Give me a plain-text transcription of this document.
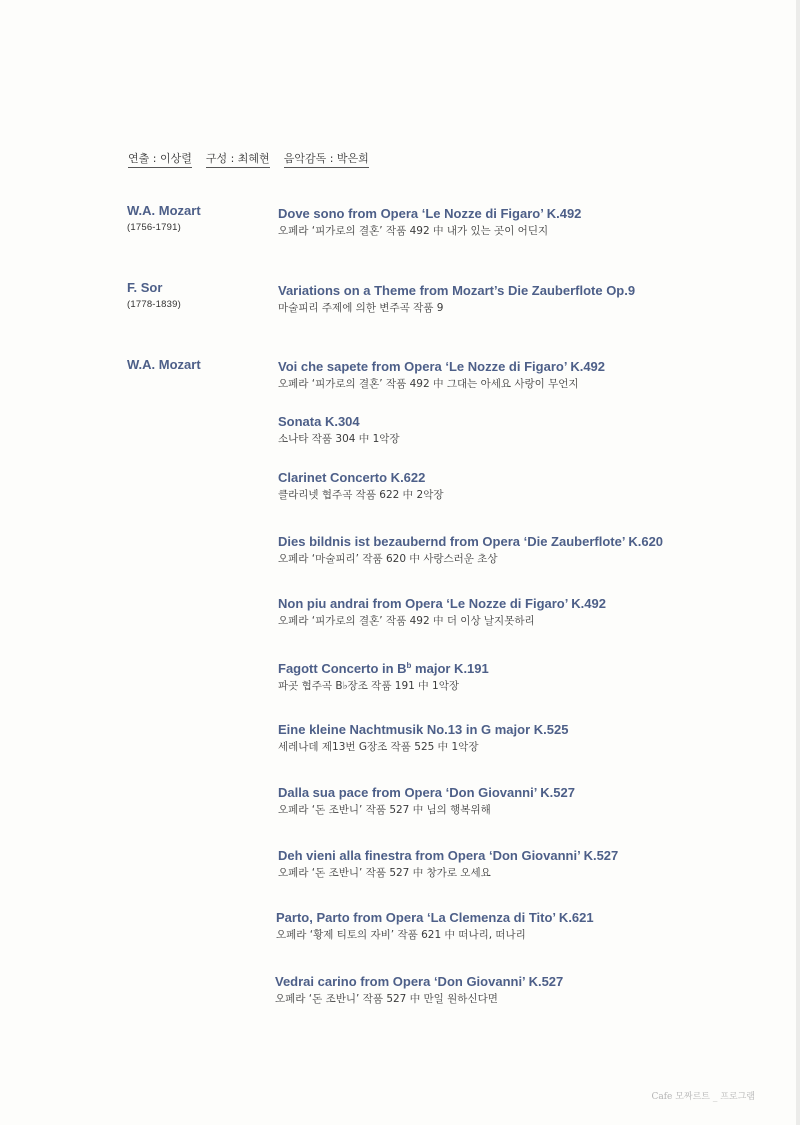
연출 : 이상렬 구성 : 최혜현 음악감독 : 박은희
W.A. Mozart
(1756-1791)
F. Sor
(1778-1839)
W.A. Mozart
Dove sono from Opera ‘Le Nozze di Figaro’ K.492
오페라 ‘피가로의 결혼’ 작품 492 中 내가 있는 곳이 어딘지
Variations on a Theme from Mozart’s Die Zauberflote Op.9
마술피리 주제에 의한 변주곡 작품 9
Voi che sapete from Opera ‘Le Nozze di Figaro’ K.492
오페라 ‘피가로의 결혼’ 작품 492 中 그대는 아세요 사랑이 무언지
Sonata K.304
소나타 작품 304 中 1악장
Clarinet Concerto K.622
클라리넷 협주곡 작품 622 中 2악장
Dies bildnis ist bezaubernd from Opera ‘Die Zauberflote’ K.620
오페라 ‘마술피리’ 작품 620 中 사랑스러운 초상
Non piu andrai from Opera ‘Le Nozze di Figaro’ K.492
오페라 ‘피가로의 결혼’ 작품 492 中 더 이상 날지못하리
Fagott Concerto in $B^b$ major K.191
파곳 협주곡 B♭장조 작품 191 中 1악장
Eine kleine Nachtmusik No.13 in G major K.525
세레나데 제13번 G장조 작품 525 中 1악장
Dalla sua pace from Opera ‘Don Giovanni’ K.527
오페라 ‘돈 조반니’ 작품 527 中 님의 행복위해
Deh vieni alla finestra from Opera ‘Don Giovanni’ K.527
오페라 ‘돈 조반니’ 작품 527 中 창가로 오세요
Parto, Parto from Opera ‘La Clemenza di Tito’ K.621
오페라 ‘황제 티토의 자비’ 작품 621 中 떠나리, 떠나리
Vedrai carino from Opera ‘Don Giovanni’ K.527
오페라 ‘돈 조반니’ 작품 527 中 만일 원하신다면
Cafe 모짜르트 _ 프로그램
